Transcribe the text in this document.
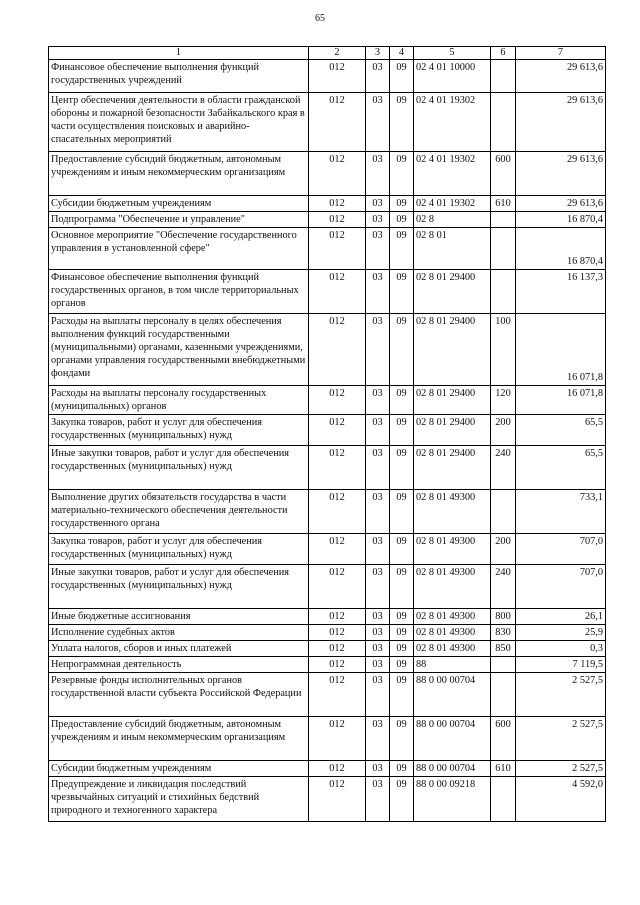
65
1	2	3	4	5	6	7
Финансовое обеспечение выполнения функций государственных учреждений	012	03	09	02 4 01 10000		29 613,6
Центр обеспечения деятельности в области гражданской обороны и пожарной безопасности Забайкальского края в части осуществления поисковых и аварийно-спасательных мероприятий	012	03	09	02 4 01 19302		29 613,6
Предоставление субсидий бюджетным, автономным учреждениям и иным некоммерческим организациям	012	03	09	02 4 01 19302	600	29 613,6
Субсидии бюджетным учреждениям	012	03	09	02 4 01 19302	610	29 613,6
Подпрограмма "Обеспечение и управление"	012	03	09	02 8		16 870,4
Основное мероприятие "Обеспечение государственного управления в установленной сфере"	012	03	09	02 8 01		16 870,4
Финансовое обеспечение выполнения функций государственных органов, в том числе территориальных органов	012	03	09	02 8 01 29400		16 137,3
Расходы на выплаты персоналу в целях обеспечения выполнения функций государственными (муниципальными) органами, казенными учреждениями, органами управления государственными внебюджетными фондами	012	03	09	02 8 01 29400	100	16 071,8
Расходы на выплаты персоналу государственных (муниципальных) органов	012	03	09	02 8 01 29400	120	16 071,8
Закупка товаров, работ и услуг для обеспечения государственных (муниципальных) нужд	012	03	09	02 8 01 29400	200	65,5
Иные закупки товаров, работ и услуг для обеспечения государственных (муниципальных) нужд	012	03	09	02 8 01 29400	240	65,5
Выполнение других обязательств государства в части материально-технического обеспечения деятельности государственного органа	012	03	09	02 8 01 49300		733,1
Закупка товаров, работ и услуг для обеспечения государственных (муниципальных) нужд	012	03	09	02 8 01 49300	200	707,0
Иные закупки товаров, работ и услуг для обеспечения государственных (муниципальных) нужд	012	03	09	02 8 01 49300	240	707,0
Иные бюджетные ассигнования	012	03	09	02 8 01 49300	800	26,1
Исполнение судебных актов	012	03	09	02 8 01 49300	830	25,9
Уплата налогов, сборов и иных платежей	012	03	09	02 8 01 49300	850	0,3
Непрограммная деятельность	012	03	09	88		7 119,5
Резервные фонды исполнительных органов государственной власти субъекта Российской Федерации	012	03	09	88 0 00 00704		2 527,5
Предоставление субсидий бюджетным, автономным учреждениям и иным некоммерческим организациям	012	03	09	88 0 00 00704	600	2 527,5
Субсидии бюджетным учреждениям	012	03	09	88 0 00 00704	610	2 527,5
Предупреждение и ликвидация последствий чрезвычайных ситуаций и стихийных бедствий природного и техногенного характера	012	03	09	88 0 00 09218		4 592,0
